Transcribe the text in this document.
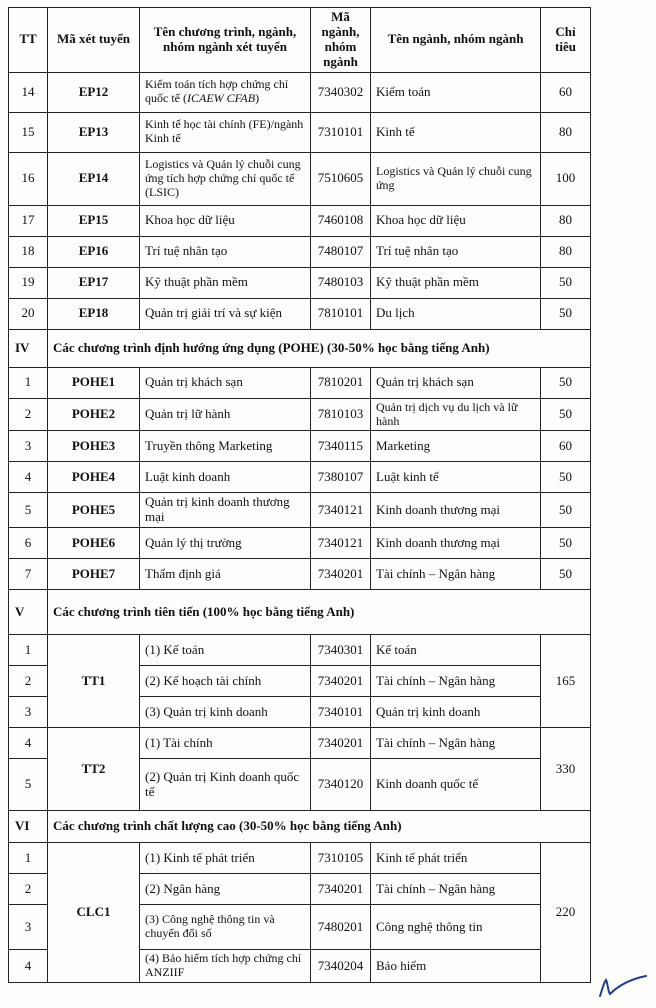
TT	Mã xét tuyển	Tên chương trình, ngành, nhóm ngành xét tuyển	Mã ngành, nhóm ngành	Tên ngành, nhóm ngành	Chỉ tiêu
14	EP12	Kiểm toán tích hợp chứng chỉ quốc tế (ICAEW CFAB)	7340302	Kiểm toán	60
15	EP13	Kinh tế học tài chính (FE)/ngành Kinh tế	7310101	Kinh tế	80
16	EP14	Logistics và Quản lý chuỗi cung ứng tích hợp chứng chỉ quốc tế (LSIC)	7510605	Logistics và Quản lý chuỗi cung ứng	100
17	EP15	Khoa học dữ liệu	7460108	Khoa học dữ liệu	80
18	EP16	Trí tuệ nhân tạo	7480107	Trí tuệ nhân tạo	80
19	EP17	Kỹ thuật phần mềm	7480103	Kỹ thuật phần mềm	50
20	EP18	Quản trị giải trí và sự kiện	7810101	Du lịch	50
IV	Các chương trình định hướng ứng dụng (POHE) (30-50% học bằng tiếng Anh)				
1	POHE1	Quản trị khách sạn	7810201	Quản trị khách sạn	50
2	POHE2	Quản trị lữ hành	7810103	Quản trị dịch vụ du lịch và lữ hành	50
3	POHE3	Truyền thông Marketing	7340115	Marketing	60
4	POHE4	Luật kinh doanh	7380107	Luật kinh tế	50
5	POHE5	Quản trị kinh doanh thương mại	7340121	Kinh doanh thương mại	50
6	POHE6	Quản lý thị trường	7340121	Kinh doanh thương mại	50
7	POHE7	Thẩm định giá	7340201	Tài chính – Ngân hàng	50
V	Các chương trình tiên tiến (100% học bằng tiếng Anh)				
1	TT1	(1) Kế toán	7340301	Kế toán	165
2		(2) Kế hoạch tài chính	7340201	Tài chính – Ngân hàng	
3		(3) Quản trị kinh doanh	7340101	Quản trị kinh doanh	
4	TT2	(1) Tài chính	7340201	Tài chính – Ngân hàng	330
5		(2) Quản trị Kinh doanh quốc tế	7340120	Kinh doanh quốc tế	
VI	Các chương trình chất lượng cao (30-50% học bằng tiếng Anh)				
1	CLC1	(1) Kinh tế phát triển	7310105	Kinh tế phát triển	220
2		(2) Ngân hàng	7340201	Tài chính – Ngân hàng	
3		(3) Công nghệ thông tin và chuyển đổi số	7480201	Công nghệ thông tin	
4		(4) Bảo hiểm tích hợp chứng chỉ ANZIIF	7340204	Bảo hiểm	
